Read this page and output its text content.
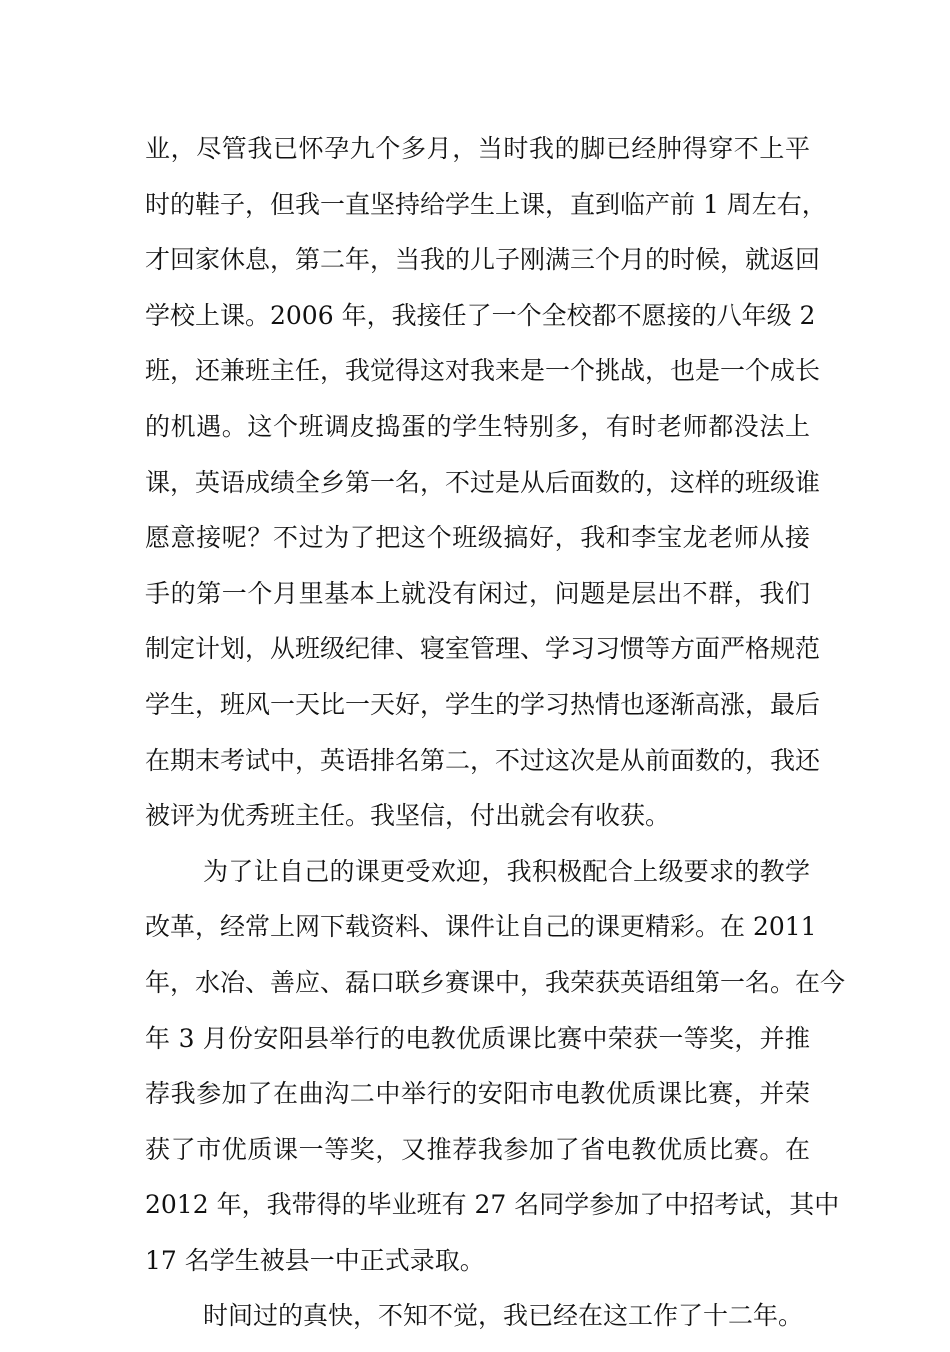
业，尽管我已怀孕九个多月，当时我的脚已经肿得穿不上平
时的鞋子，但我一直坚持给学生上课，直到临产前 1 周左右，
才回家休息，第二年，当我的儿子刚满三个月的时候，就返回
学校上课。2006 年，我接任了一个全校都不愿接的八年级 2
班，还兼班主任，我觉得这对我来是一个挑战，也是一个成长
的机遇。这个班调皮捣蛋的学生特别多，有时老师都没法上
课，英语成绩全乡第一名，不过是从后面数的，这样的班级谁
愿意接呢？不过为了把这个班级搞好，我和李宝龙老师从接
手的第一个月里基本上就没有闲过，问题是层出不群，我们
制定计划，从班级纪律、寝室管理、学习习惯等方面严格规范
学生，班风一天比一天好，学生的学习热情也逐渐高涨，最后
在期末考试中，英语排名第二，不过这次是从前面数的，我还
被评为优秀班主任。我坚信，付出就会有收获。
为了让自己的课更受欢迎，我积极配合上级要求的教学
改革，经常上网下载资料、课件让自己的课更精彩。在 2011
年，水冶、善应、磊口联乡赛课中，我荣获英语组第一名。在今
年 3 月份安阳县举行的电教优质课比赛中荣获一等奖，并推
荐我参加了在曲沟二中举行的安阳市电教优质课比赛，并荣
获了市优质课一等奖，又推荐我参加了省电教优质比赛。在
2012 年，我带得的毕业班有 27 名同学参加了中招考试，其中
17 名学生被县一中正式录取。
时间过的真快，不知不觉，我已经在这工作了十二年。
